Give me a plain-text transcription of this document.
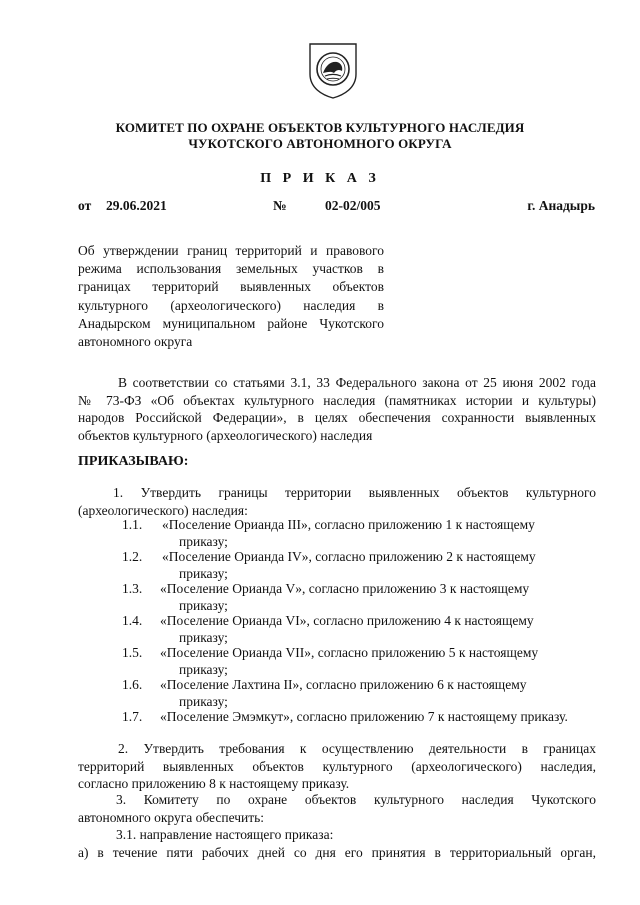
КОМИТЕТ ПО ОХРАНЕ ОБЪЕКТОВ КУЛЬТУРНОГО НАСЛЕДИЯ
ЧУКОТСКОГО АВТОНОМНОГО ОКРУГА
П Р И К А З
от 29.06.2021	№	02-02/005	г. Анадырь
Об утверждении границ территорий и правового
режима использования земельных участков в
границах территорий выявленных объектов
культурного (археологического) наследия в
Анадырском муниципальном районе Чукотского
автономного округа
В соответствии со статьями 3.1, 33 Федерального закона от 25 июня 2002 года
№ 73-ФЗ «Об объектах культурного наследия (памятниках истории и культуры)
народов Российской Федерации», в целях обеспечения сохранности выявленных
объектов культурного (археологического) наследия
ПРИКАЗЫВАЮ:
1. Утвердить границы территории выявленных объектов культурного
(археологического) наследия:
1.1. «Поселение Орианда III», согласно приложению 1 к настоящему
приказу;
1.2. «Поселение Орианда IV», согласно приложению 2 к настоящему
приказу;
1.3. «Поселение Орианда V», согласно приложению 3 к настоящему
приказу;
1.4. «Поселение Орианда VI», согласно приложению 4 к настоящему
приказу;
1.5. «Поселение Орианда VII», согласно приложению 5 к настоящему
приказу;
1.6. «Поселение Лахтина II», согласно приложению 6 к настоящему
приказу;
1.7. «Поселение Эмэмкут», согласно приложению 7 к настоящему приказу.
2. Утвердить требования к осуществлению деятельности в границах
территорий выявленных объектов культурного (археологического) наследия,
согласно приложению 8 к настоящему приказу.
3. Комитету по охране объектов культурного наследия Чукотского
автономного округа обеспечить:
3.1. направление настоящего приказа:
а) в течение пяти рабочих дней со дня его принятия в территориальный орган,
